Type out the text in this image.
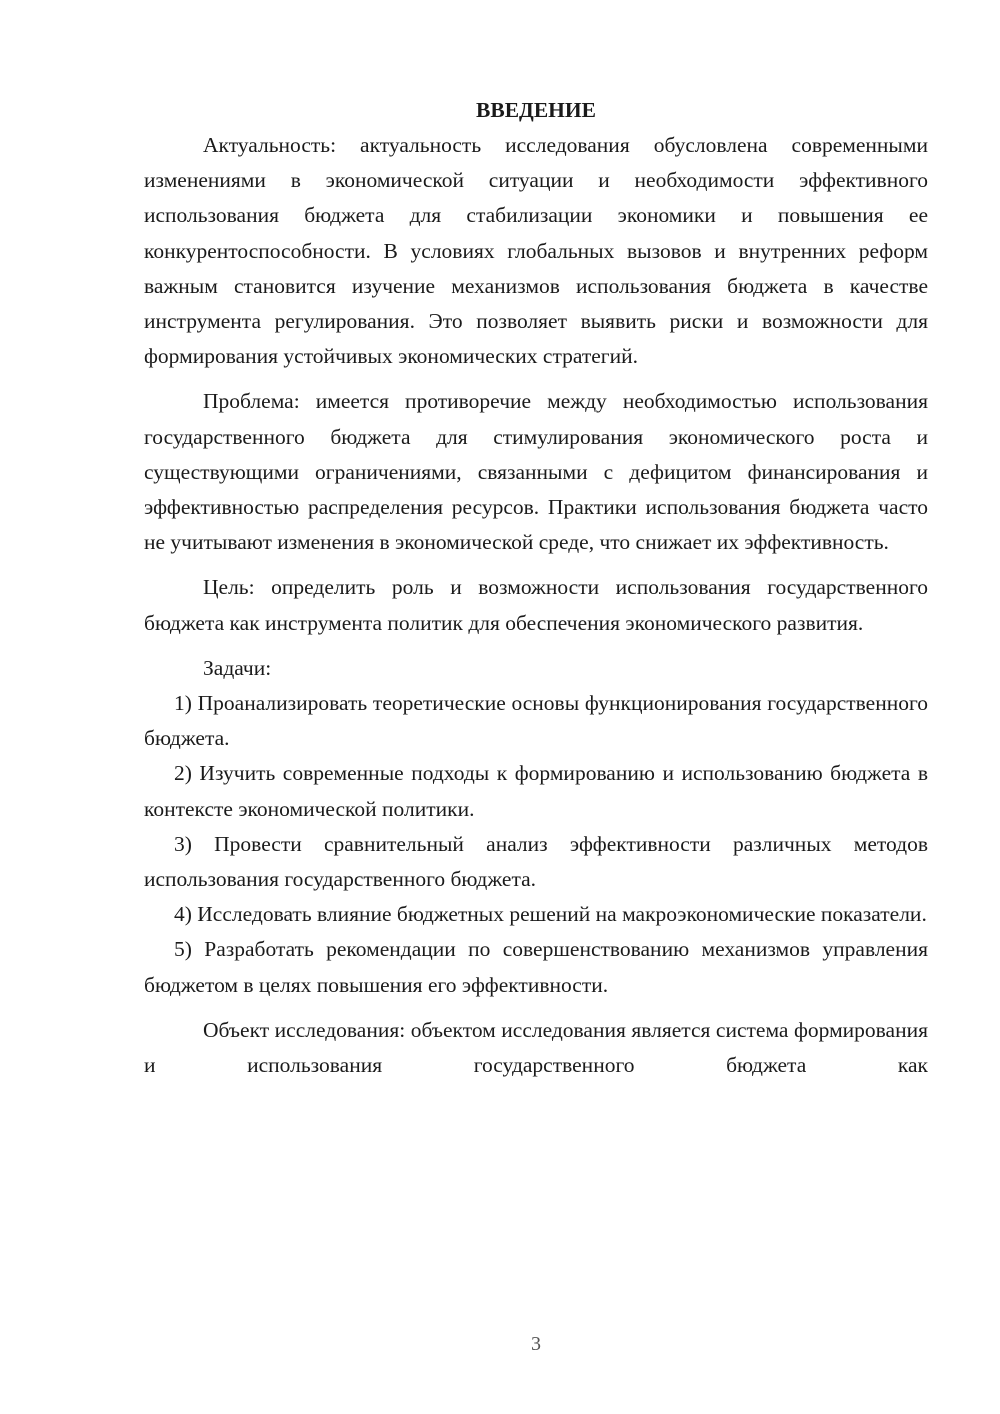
ВВЕДЕНИЕ

Актуальность: актуальность исследования обусловлена современными изменениями в экономической ситуации и необходимости эффективного использования бюджета для стабилизации экономики и повышения ее конкурентоспособности. В условиях глобальных вызовов и внутренних реформ важным становится изучение механизмов использования бюджета в качестве инструмента регулирования. Это позволяет выявить риски и возможности для формирования устойчивых экономических стратегий.

Проблема: имеется противоречие между необходимостью использования государственного бюджета для стимулирования экономического роста и существующими ограничениями, связанными с дефицитом финансирования и эффективностью распределения ресурсов. Практики использования бюджета часто не учитывают изменения в экономической среде, что снижает их эффективность.

Цель: определить роль и возможности использования государственного бюджета как инструмента политик для обеспечения экономического развития.

Задачи:

1) Проанализировать теоретические основы функционирования государственного бюджета.

2) Изучить современные подходы к формированию и использованию бюджета в контексте экономической политики.

3) Провести сравнительный анализ эффективности различных методов использования государственного бюджета.

4) Исследовать влияние бюджетных решений на макроэкономические показатели.

5) Разработать рекомендации по совершенствованию механизмов управления бюджетом в целях повышения его эффективности.

Объект исследования: объектом исследования является система формирования и использования государственного бюджета как

3
